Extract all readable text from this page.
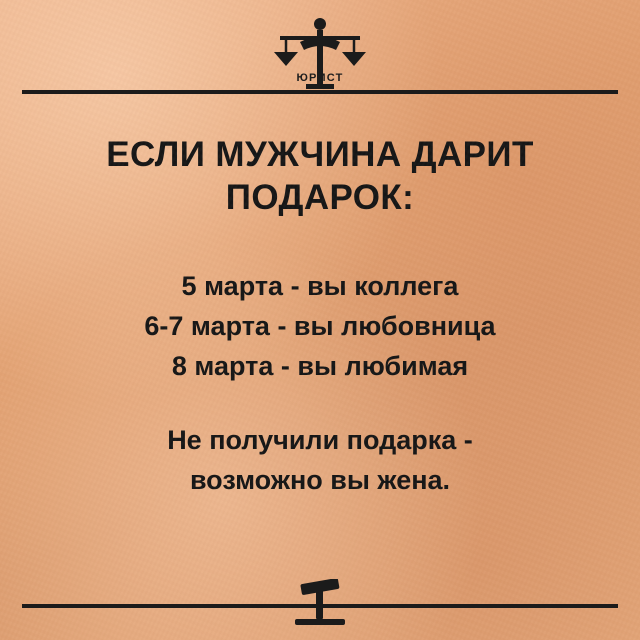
ЮРИСТ
ЕСЛИ МУЖЧИНА ДАРИТ
ПОДАРОК:
5 марта - вы коллега
6-7 марта - вы любовница
8 марта - вы любимая
Не получили подарка -
возможно вы жена.
